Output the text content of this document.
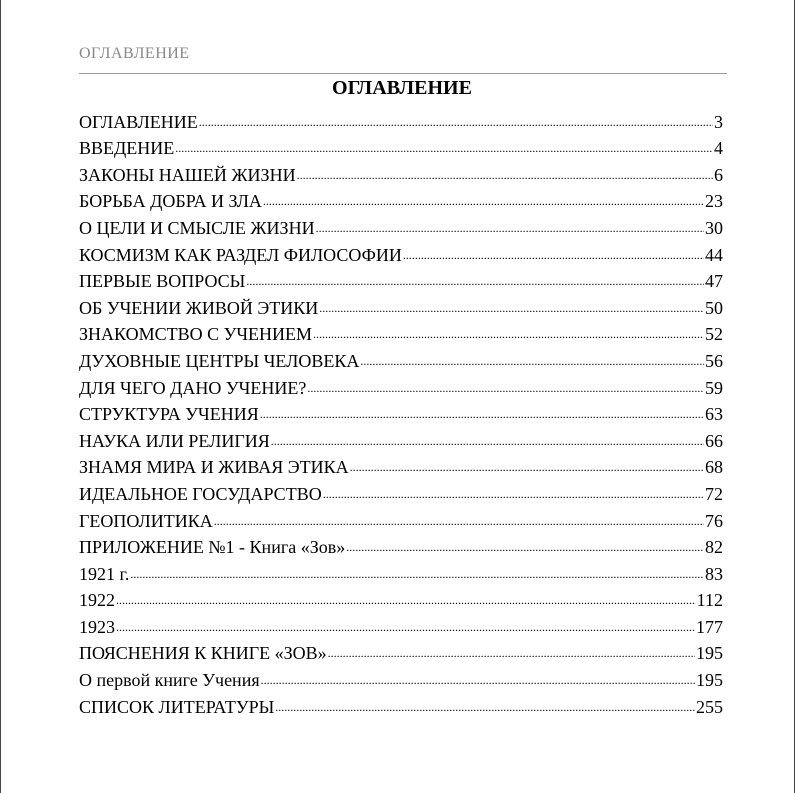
ОГЛАВЛЕНИЕ
ОГЛАВЛЕНИЕ
ОГЛАВЛЕНИЕ .....	3
ВВЕДЕНИЕ .....	4
ЗАКОНЫ НАШЕЙ ЖИЗНИ .....	6
БОРЬБА ДОБРА И ЗЛА .....	23
О ЦЕЛИ И СМЫСЛЕ ЖИЗНИ .....	30
КОСМИЗМ КАК РАЗДЕЛ ФИЛОСОФИИ .....	44
ПЕРВЫЕ ВОПРОСЫ .....	47
ОБ УЧЕНИИ ЖИВОЙ ЭТИКИ .....	50
ЗНАКОМСТВО С УЧЕНИЕМ .....	52
ДУХОВНЫЕ ЦЕНТРЫ ЧЕЛОВЕКА .....	56
ДЛЯ ЧЕГО ДАНО УЧЕНИЕ? .....	59
СТРУКТУРА УЧЕНИЯ .....	63
НАУКА ИЛИ РЕЛИГИЯ .....	66
ЗНАМЯ МИРА И ЖИВАЯ ЭТИКА .....	68
ИДЕАЛЬНОЕ ГОСУДАРСТВО .....	72
ГЕОПОЛИТИКА .....	76
ПРИЛОЖЕНИЕ №1 - Книга «Зов» .....	82
1921 г. .....	83
1922 .....	112
1923 .....	177
ПОЯСНЕНИЯ К КНИГЕ «ЗОВ» .....	195
О первой книге Учения .....	195
СПИСОК ЛИТЕРАТУРЫ .....	255
